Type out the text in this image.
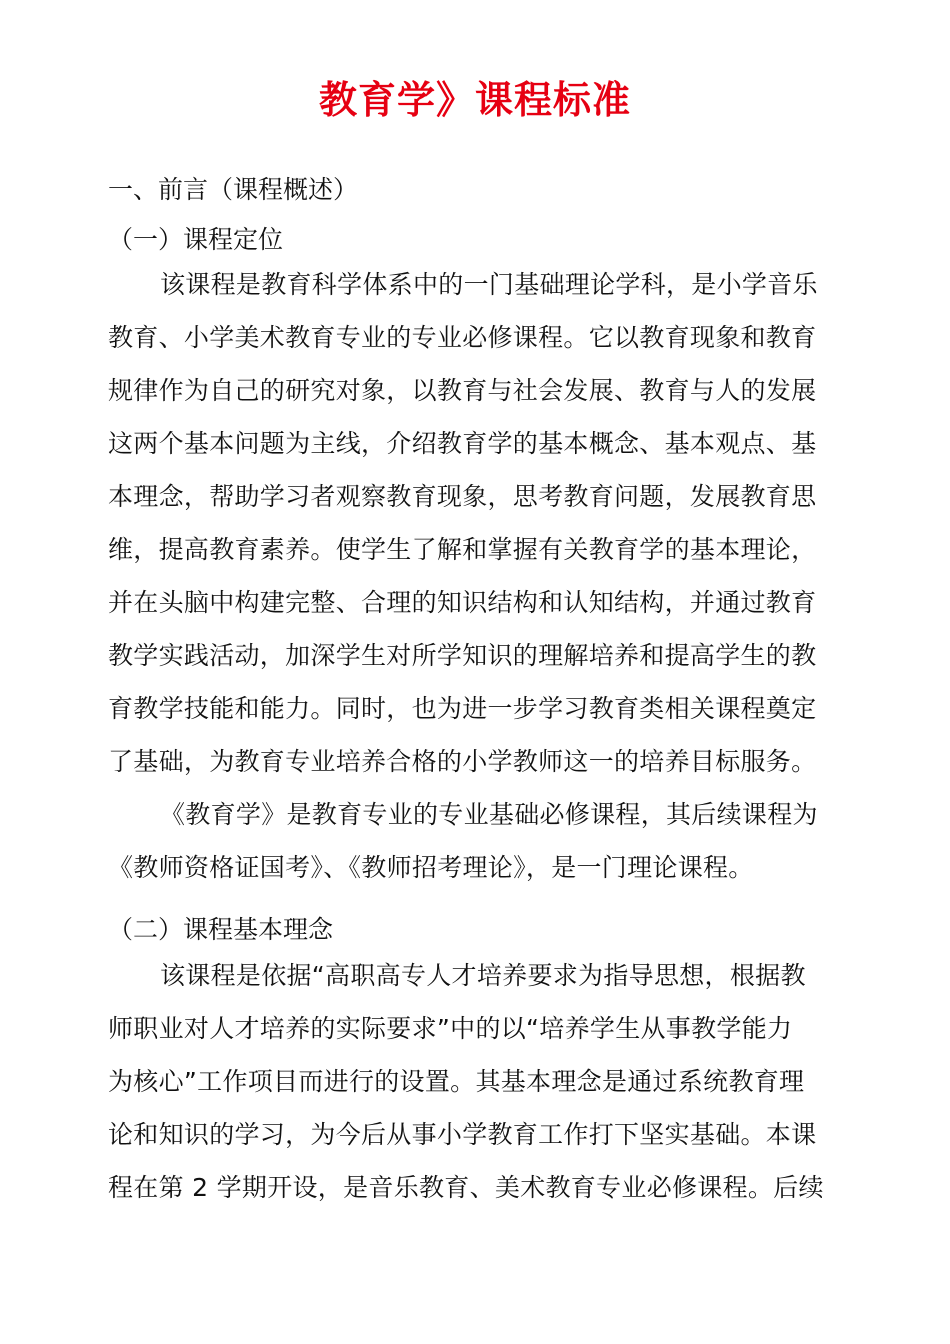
教育学》课程标准
一、前言（课程概述）
（一）课程定位
该课程是教育科学体系中的一门基础理论学科，是小学音乐
教育、小学美术教育专业的专业必修课程。它以教育现象和教育
规律作为自己的研究对象，以教育与社会发展、教育与人的发展
这两个基本问题为主线，介绍教育学的基本概念、基本观点、基
本理念，帮助学习者观察教育现象，思考教育问题，发展教育思
维，提高教育素养。使学生了解和掌握有关教育学的基本理论，
并在头脑中构建完整、合理的知识结构和认知结构，并通过教育
教学实践活动，加深学生对所学知识的理解培养和提高学生的教
育教学技能和能力。同时，也为进一步学习教育类相关课程奠定
了基础，为教育专业培养合格的小学教师这一的培养目标服务。
《教育学》是教育专业的专业基础必修课程，其后续课程为
《教师资格证国考》、《教师招考理论》，是一门理论课程。
（二）课程基本理念
该课程是依据“高职高专人才培养要求为指导思想，根据教
师职业对人才培养的实际要求”中的以“培养学生从事教学能力
为核心”工作项目而进行的设置。其基本理念是通过系统教育理
论和知识的学习，为今后从事小学教育工作打下坚实基础。本课
程在第 2 学期开设，是音乐教育、美术教育专业必修课程。后续
